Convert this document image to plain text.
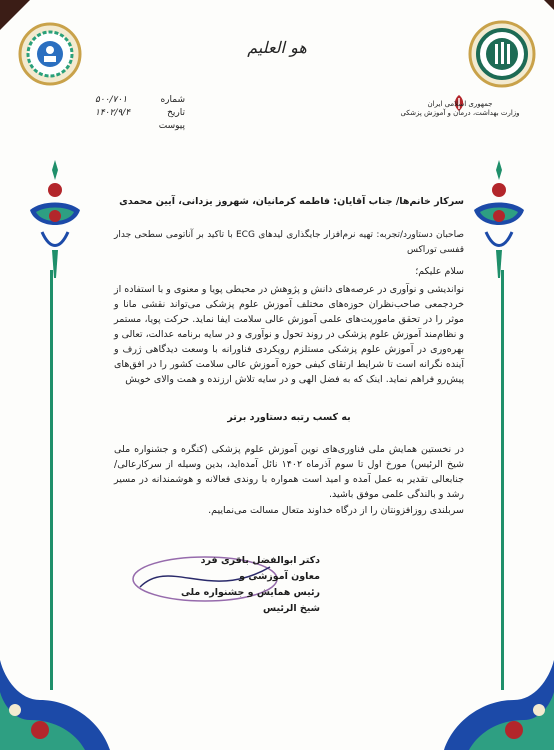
هو العلیم
شماره
۵۰۰/۷۰۱
تاریخ
۱۴۰۲/۹/۴
پیوست
جمهوری اسلامی ایران
وزارت بهداشت، درمان و آموزش پزشکی
سرکار خانم‌ها/ جناب آقایان: فاطمه کرمانیان، شهروز یزدانی، آیین محمدی
صاحبان دستاورد/تجربه: تهیه نرم‌افزار جایگذاری لیدهای ECG با تاکید بر آناتومی سطحی جدار قفسی توراکس
سلام علیکم؛
نواندیشی و نوآوری در عرصه‌های دانش و پژوهش در محیطی پویا و معنوی و با استفاده از خردجمعی صاحب‌نظران حوزه‌های مختلف آموزش علوم پزشکی می‌تواند نقشی مانا و موثر را در تحقق ماموریت‌های علمی آموزش عالی سلامت ایفا نماید. حرکت پویا، مستمر و نظام‌مند آموزش علوم پزشکی در روند تحول و نوآوری و در سایه برنامه عدالت، تعالی و بهره‌وری در آموزش علوم پزشکی مستلزم رویکردی فناورانه با وسعت دیدگاهی ژرف و آینده نگرانه است تا شرایط ارتقای کیفی حوزه آموزش عالی سلامت کشور را در افق‌های پیش‌رو فراهم نماید. اینک که به فضل الهی و در سایه تلاش ارزنده و همت والای خویش
به کسب رتبه دستاورد برتر
در نخستین همایش ملی فناوری‌های نوین آموزش علوم پزشکی (کنگره و جشنواره ملی شیخ الرئیس) مورخ اول تا سوم آذرماه ۱۴۰۲ نائل آمده‌اید، بدین وسیله از سرکارعالی/ جنابعالی تقدیر به عمل آمده و امید است همواره با روندی فعالانه و هوشمندانه در مسیر رشد و بالندگی علمی موفق باشید.
سربلندی روزافزونتان را از درگاه خداوند متعال مسالت می‌نماییم.
دکتر ابوالفضل باقری فرد
معاون آموزشی و
رئیس همایش و جشنواره ملی شیخ الرئیس
